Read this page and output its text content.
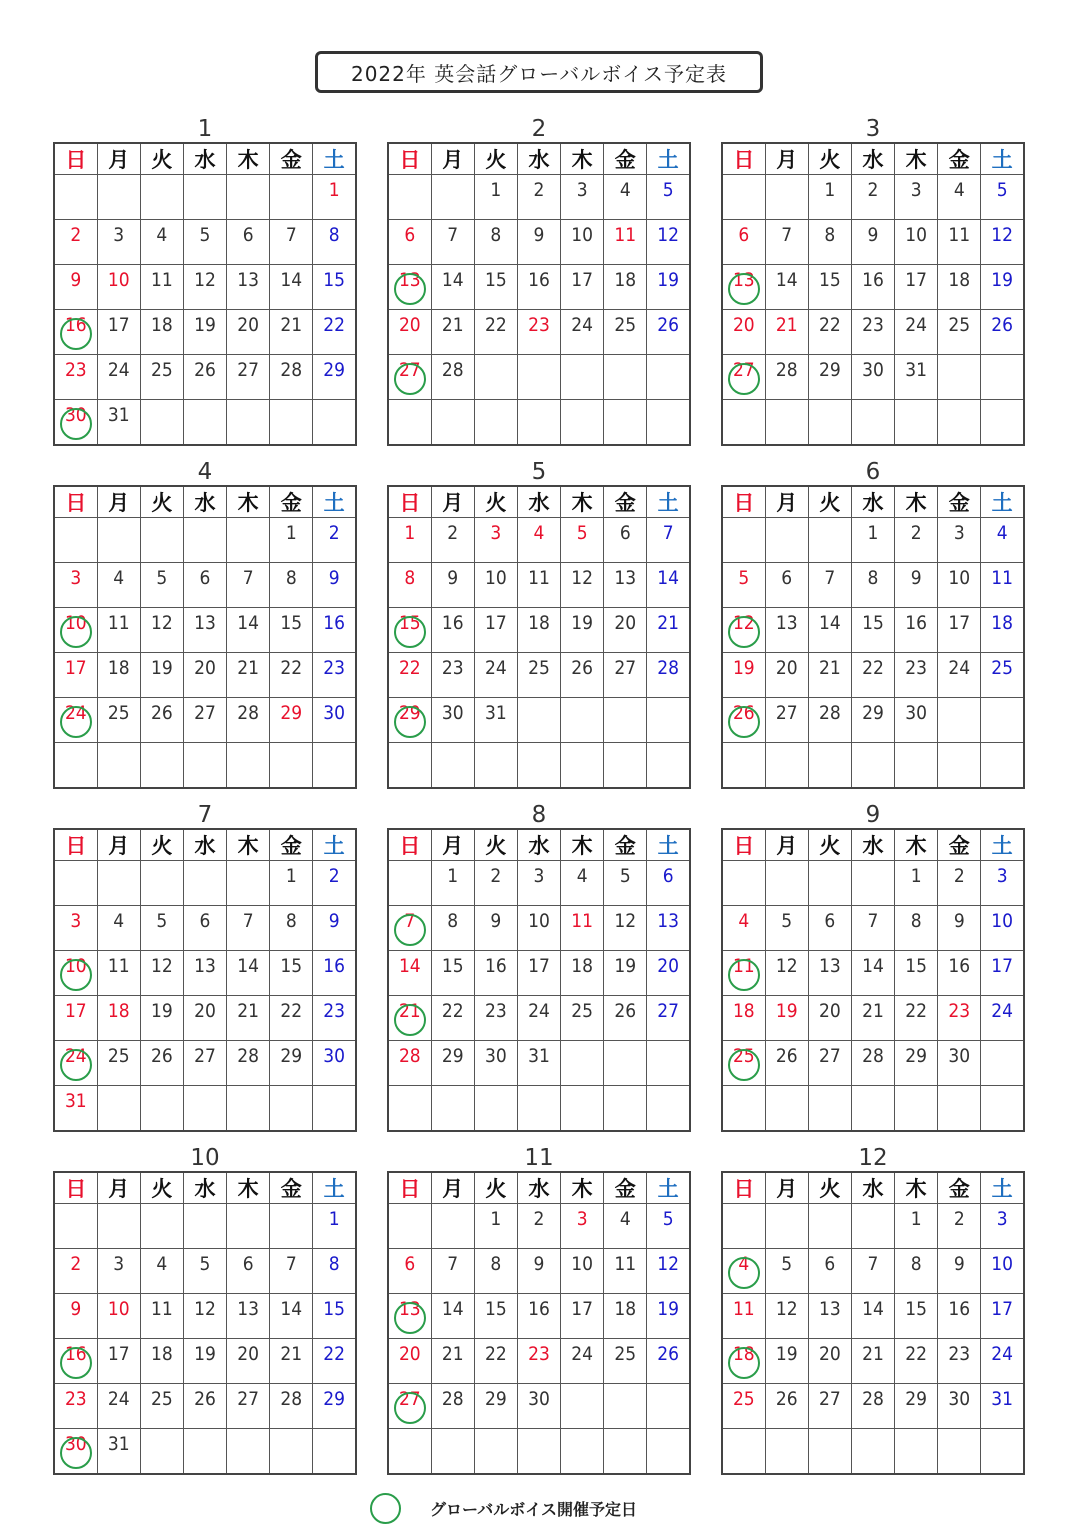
2022年 英会話グローバルボイス予定表
1
日	月	火	水	木	金	土
						1
2	3	4	5	6	7	8
9	10	11	12	13	14	15
16	17	18	19	20	21	22
23	24	25	26	27	28	29
30	31					
2
日	月	火	水	木	金	土
		1	2	3	4	5
6	7	8	9	10	11	12
13	14	15	16	17	18	19
20	21	22	23	24	25	26
27	28					

3
日	月	火	水	木	金	土
		1	2	3	4	5
6	7	8	9	10	11	12
13	14	15	16	17	18	19
20	21	22	23	24	25	26
27	28	29	30	31		

4
日	月	火	水	木	金	土
					1	2
3	4	5	6	7	8	9
10	11	12	13	14	15	16
17	18	19	20	21	22	23
24	25	26	27	28	29	30

5
日	月	火	水	木	金	土
1	2	3	4	5	6	7
8	9	10	11	12	13	14
15	16	17	18	19	20	21
22	23	24	25	26	27	28
29	30	31				

6
日	月	火	水	木	金	土
			1	2	3	4
5	6	7	8	9	10	11
12	13	14	15	16	17	18
19	20	21	22	23	24	25
26	27	28	29	30		

7
日	月	火	水	木	金	土
					1	2
3	4	5	6	7	8	9
10	11	12	13	14	15	16
17	18	19	20	21	22	23
24	25	26	27	28	29	30
31						
8
日	月	火	水	木	金	土
	1	2	3	4	5	6
7	8	9	10	11	12	13
14	15	16	17	18	19	20
21	22	23	24	25	26	27
28	29	30	31			

9
日	月	火	水	木	金	土
				1	2	3
4	5	6	7	8	9	10
11	12	13	14	15	16	17
18	19	20	21	22	23	24
25	26	27	28	29	30	

10
日	月	火	水	木	金	土
						1
2	3	4	5	6	7	8
9	10	11	12	13	14	15
16	17	18	19	20	21	22
23	24	25	26	27	28	29
30	31					
11
日	月	火	水	木	金	土
		1	2	3	4	5
6	7	8	9	10	11	12
13	14	15	16	17	18	19
20	21	22	23	24	25	26
27	28	29	30			

12
日	月	火	水	木	金	土
				1	2	3
4	5	6	7	8	9	10
11	12	13	14	15	16	17
18	19	20	21	22	23	24
25	26	27	28	29	30	31

グローバルボイス開催予定日
